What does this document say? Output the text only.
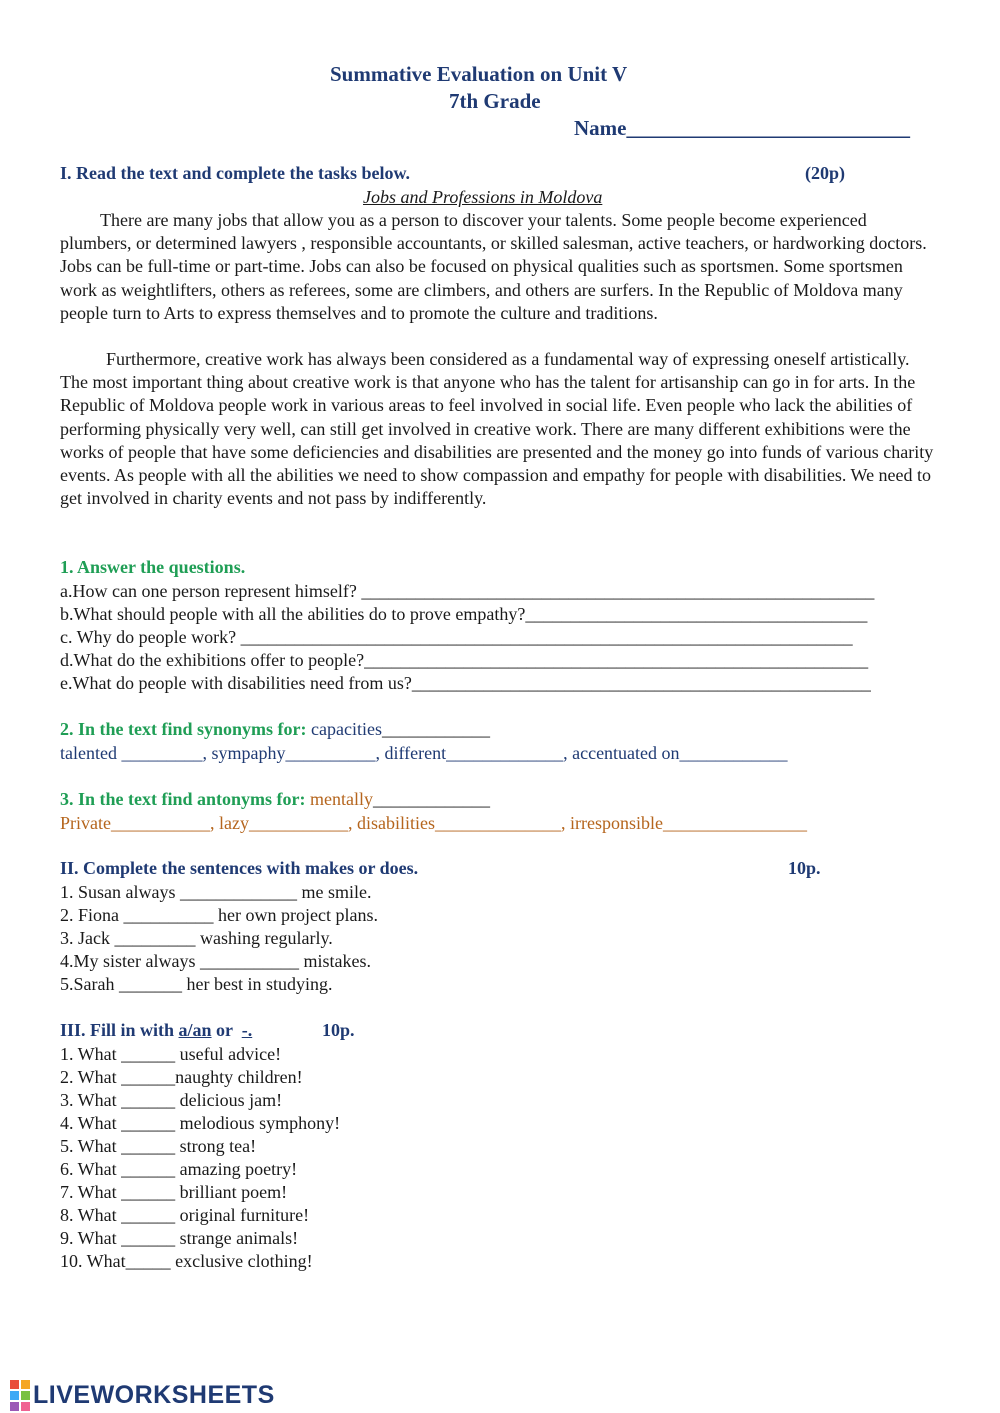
Summative Evaluation on Unit V
7th Grade
Name___________________________
I. Read the text and complete the tasks below.	(20p)
Jobs and Professions in Moldova
There are many jobs that allow you as a person to discover your talents. Some people become experienced plumbers, or determined lawyers , responsible accountants, or skilled salesman, active teachers, or hardworking doctors. Jobs can be full-time or part-time. Jobs can also be focused on physical qualities such as sportsmen. Some sportsmen work as weightlifters, others as referees, some are climbers, and others are surfers. In the Republic of Moldova many people turn to Arts to express themselves and to promote the culture and traditions.
Furthermore, creative work has always been considered as a fundamental way of expressing oneself artistically. The most important thing about creative work is that anyone who has the talent for artisanship can go in for arts. In the Republic of Moldova people work in various areas to feel involved in social life. Even people who lack the abilities of performing physically very well, can still get involved in creative work. There are many different exhibitions were the works of people that have some deficiencies and disabilities are presented and the money go into funds of various charity events. As people with all the abilities we need to show compassion and empathy for people with disabilities. We need to get involved in charity events and not pass by indifferently.
1. Answer the questions.
a.How can one person represent himself? _________________________________________________________
b.What should people with all the abilities do to prove empathy?______________________________________
c. Why do people work? ____________________________________________________________________
d.What do the exhibitions offer to people?________________________________________________________
e.What do people with disabilities need from us?___________________________________________________
2. In the text find synonyms for: capacities____________
talented _________, sympaphy__________, different_____________, accentuated on____________
3. In the text find antonyms for: mentally_____________
Private___________, lazy___________, disabilities______________, irresponsible________________
II. Complete the sentences with makes or does.	10p.
1. Susan always _____________ me smile.
2. Fiona __________ her own project plans.
3. Jack _________ washing regularly.
4.My sister always ___________ mistakes.
5.Sarah _______ her best in studying.
III. Fill in with a/an or  -.	10p.
1. What ______ useful advice!
2. What ______naughty children!
3. What ______ delicious jam!
4. What ______ melodious symphony!
5. What ______ strong tea!
6. What ______ amazing poetry!
7. What ______ brilliant poem!
8. What ______ original furniture!
9. What ______ strange animals!
10. What_____ exclusive clothing!
LIVEWORKSHEETS
